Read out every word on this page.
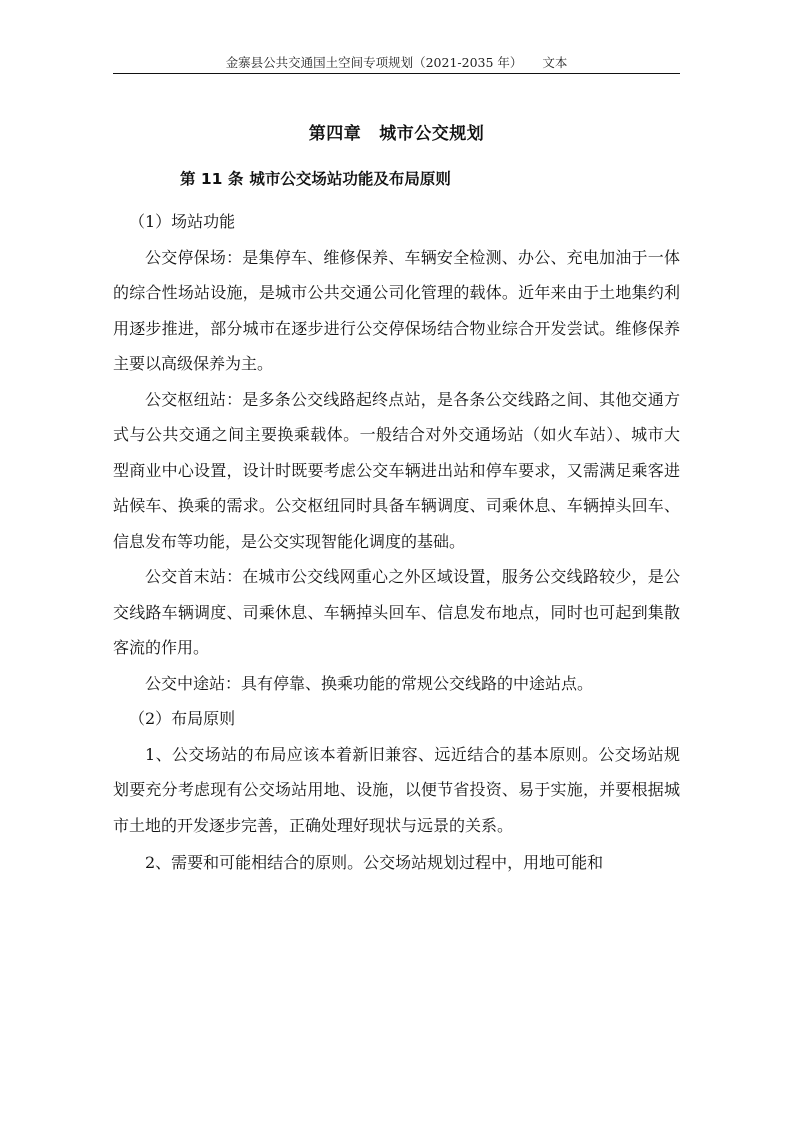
金寨县公共交通国土空间专项规划（2021-2035 年） 文本
第四章 城市公交规划
第 11 条 城市公交场站功能及布局原则

（1）场站功能

公交停保场：是集停车、维修保养、车辆安全检测、办公、充电加油于一体的综合性场站设施，是城市公共交通公司化管理的载体。近年来由于土地集约利用逐步推进，部分城市在逐步进行公交停保场结合物业综合开发尝试。维修保养主要以高级保养为主。

公交枢纽站：是多条公交线路起终点站，是各条公交线路之间、其他交通方式与公共交通之间主要换乘载体。一般结合对外交通场站（如火车站）、城市大型商业中心设置，设计时既要考虑公交车辆进出站和停车要求，又需满足乘客进站候车、换乘的需求。公交枢纽同时具备车辆调度、司乘休息、车辆掉头回车、信息发布等功能，是公交实现智能化调度的基础。

公交首末站：在城市公交线网重心之外区域设置，服务公交线路较少，是公交线路车辆调度、司乘休息、车辆掉头回车、信息发布地点，同时也可起到集散客流的作用。

公交中途站：具有停靠、换乘功能的常规公交线路的中途站点。

（2）布局原则

1、公交场站的布局应该本着新旧兼容、远近结合的基本原则。公交场站规划要充分考虑现有公交场站用地、设施，以便节省投资、易于实施，并要根据城市土地的开发逐步完善，正确处理好现状与远景的关系。

2、需要和可能相结合的原则。公交场站规划过程中，用地可能和
